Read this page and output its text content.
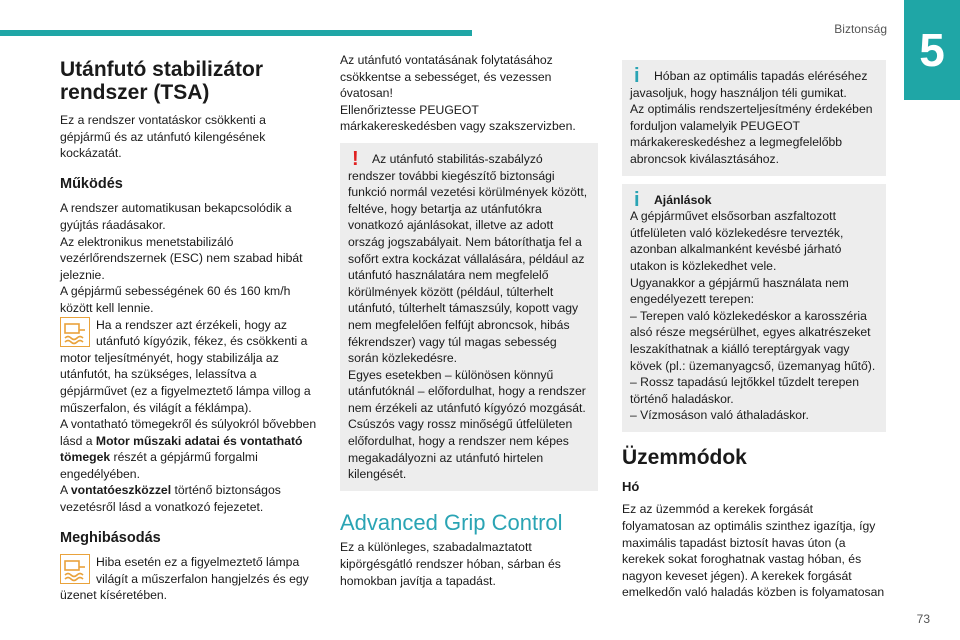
Biztonság 5
73
Utánfutó stabilizátor rendszer (TSA)

Ez a rendszer vontatáskor csökkenti a gépjármű és az utánfutó kilengésének kockázatát.

Működés

A rendszer automatikusan bekapcsolódik a gyújtás ráadásakor.

Az elektronikus menetstabilizáló vezérlőrendszernek (ESC) nem szabad hibát jeleznie.

A gépjármű sebességének 60 és 160 km/h között kell lennie.

Ha a rendszer azt érzékeli, hogy az utánfutó kígyózik, fékez, és csökkenti a motor teljesítményét, hogy stabilizálja az utánfutót, ha szükséges, lelassítva a gépjárművet (ez a figyelmeztető lámpa villog a műszerfalon, és világít a féklámpa).

A vontatható tömegekről és súlyokról bővebben lásd a Motor műszaki adatai és vontatható tömegek részét a gépjármű forgalmi engedélyében.

A vontatóeszközzel történő biztonságos vezetésről lásd a vonatkozó fejezetet.

Meghibásodás
Hiba esetén ez a figyelmeztető lámpa világít a műszerfalon hangjelzés és egy üzenet kíséretében.

Az utánfutó vontatásának folytatásához csökkentse a sebességet, és vezessen óvatosan!

Ellenőriztesse PEUGEOT márkakereskedésben vagy szakszervizben.

!	Az utánfutó stabilitás-szabályzó rendszer további kiegészítő biztonsági funkció normál vezetési körülmények között, feltéve, hogy betartja az utánfutókra vonatkozó ajánlásokat, illetve az adott ország jogszabályait. Nem bátoríthatja fel a sofőrt extra kockázat vállalására, például az utánfutó használatára nem megfelelő körülmények között (például, túlterhelt utánfutó, túlterhelt támaszsúly, kopott vagy nem megfelelően felfújt abroncsok, hibás fékrendszer) vagy túl magas sebesség során közlekedésre.

Egyes esetekben – különösen könnyű utánfutóknál – előfordulhat, hogy a rendszer nem érzékeli az utánfutó kígyózó mozgását.

Csúszós vagy rossz minőségű útfelületen előfordulhat, hogy a rendszer nem képes megakadályozni az utánfutó hirtelen kilengését.

Advanced Grip Control

Ez a különleges, szabadalmaztatott kipörgésgátló rendszer hóban, sárban és homokban javítja a tapadást.

i	Hóban az optimális tapadás eléréséhez javasoljuk, hogy használjon téli gumikat.

Az optimális rendszerteljesítmény érdekében forduljon valamelyik PEUGEOT márkakereskedéshez a legmegfelelőbb abroncsok kiválasztásához.

i	Ajánlások

A gépjárművet elsősorban aszfaltozott útfelületen való közlekedésre tervezték, azonban alkalmanként kevésbé járható utakon is közlekedhet vele.

Ugyanakkor a gépjármű használata nem engedélyezett terepen:

– Terepen való közlekedéskor a karosszéria alsó része megsérülhet, egyes alkatrészeket leszakíthatnak a kiálló tereptárgyak vagy kövek (pl.: üzemanyagcső, üzemanyag hűtő).

– Rossz tapadású lejtőkkel tűzdelt terepen történő haladáskor.

– Vízmosáson való áthaladáskor.

Üzemmódok
Hó

Ez az üzemmód a kerekek forgását folyamatosan az optimális szinthez igazítja, így maximális tapadást biztosít havas úton (a kerekek sokat foroghatnak vastag hóban, és nagyon keveset jégen). A kerekek forgását emelkedőn való haladás közben is folyamatosan
